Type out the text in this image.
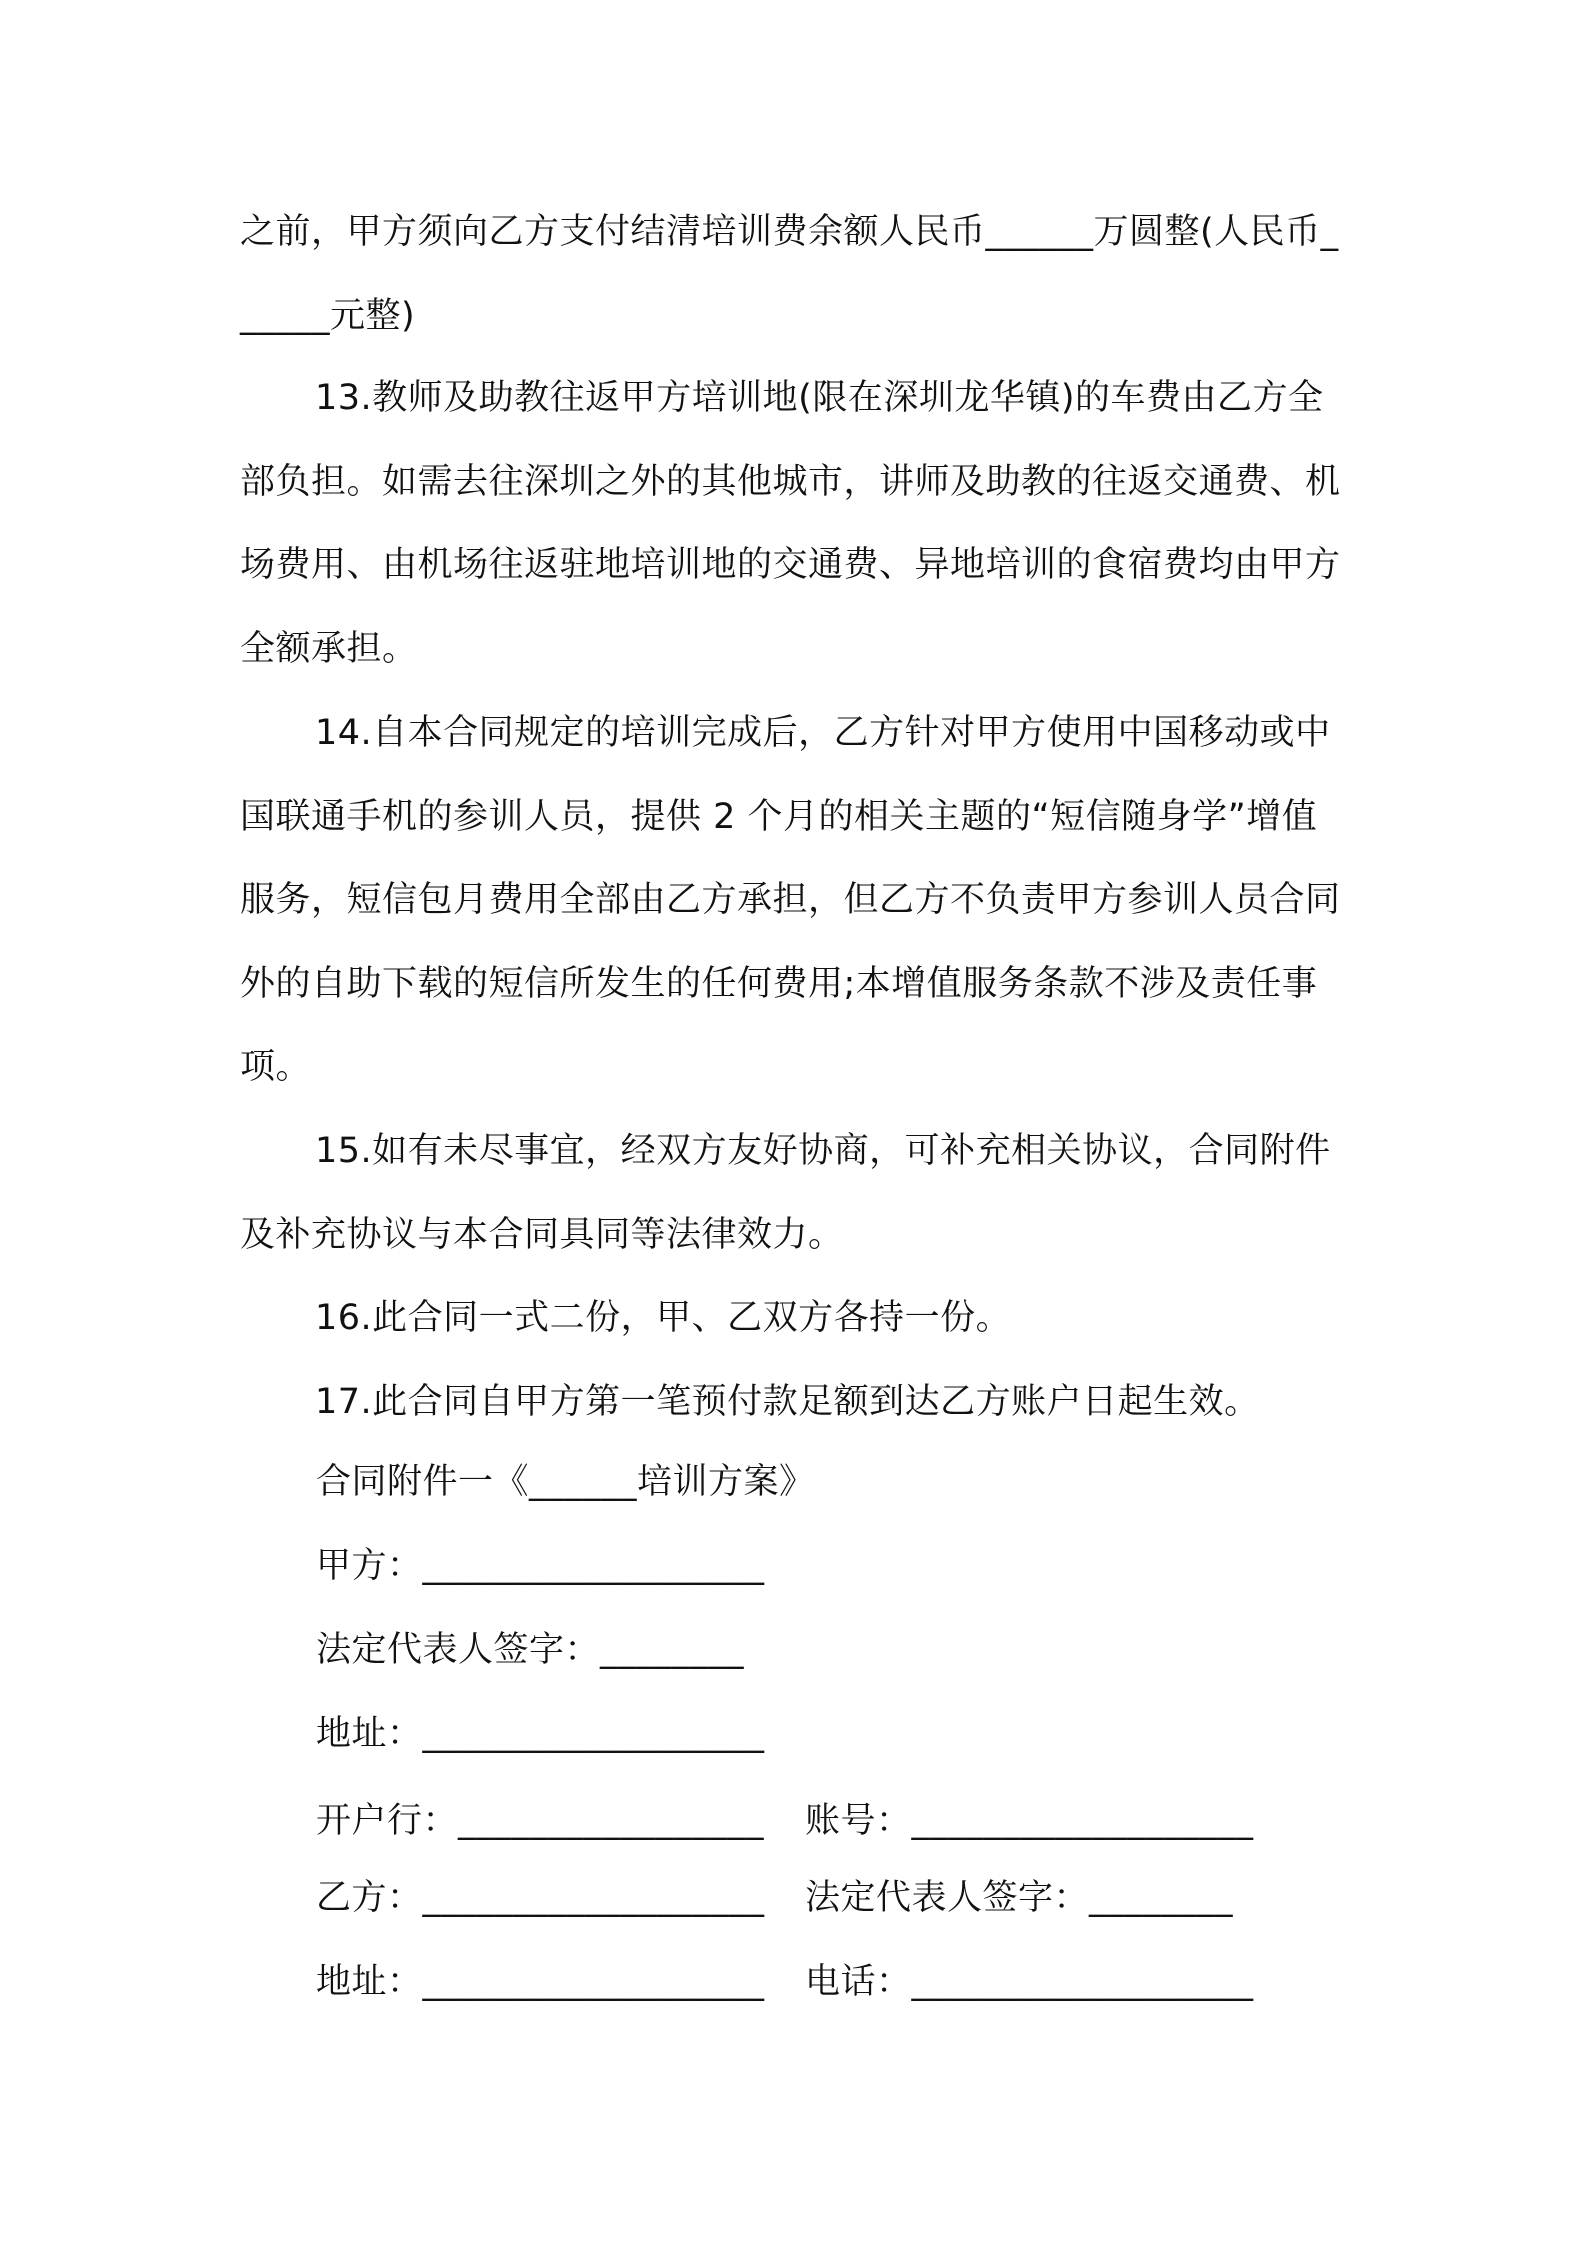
之前，甲方须向乙方支付结清培训费余额人民币______万圆整(人民币______元整)
13.教师及助教往返甲方培训地(限在深圳龙华镇)的车费由乙方全部负担。如需去往深圳之外的其他城市，讲师及助教的往返交通费、机场费用、由机场往返驻地培训地的交通费、异地培训的食宿费均由甲方全额承担。
14.自本合同规定的培训完成后，乙方针对甲方使用中国移动或中国联通手机的参训人员，提供 2 个月的相关主题的“短信随身学”增值服务，短信包月费用全部由乙方承担，但乙方不负责甲方参训人员合同外的自助下载的短信所发生的任何费用;本增值服务条款不涉及责任事项。
15.如有未尽事宜，经双方友好协商，可补充相关协议，合同附件及补充协议与本合同具同等法律效力。
16.此合同一式二份，甲、乙双方各持一份。
17.此合同自甲方第一笔预付款足额到达乙方账户日起生效。
合同附件一《______培训方案》
甲方：___________________
法定代表人签字：________
地址：___________________
开户行：_________________ 账号：___________________
乙方：___________________ 法定代表人签字：________
地址：___________________ 电话：___________________
